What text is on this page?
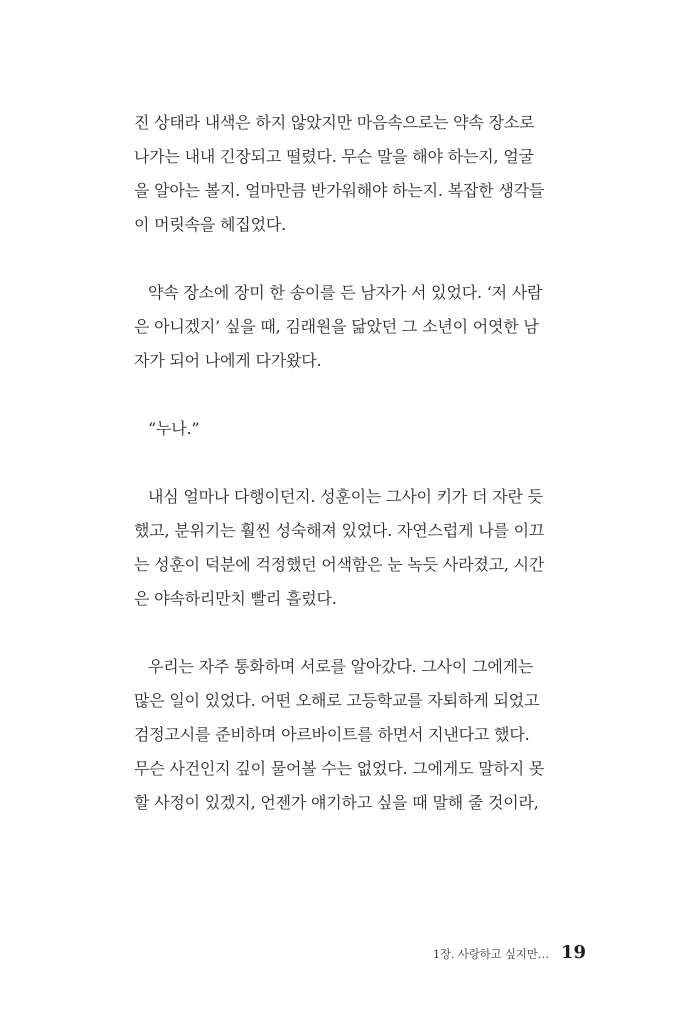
진 상태라 내색은 하지 않았지만 마음속으로는 약속 장소로
나가는 내내 긴장되고 떨렸다. 무슨 말을 해야 하는지, 얼굴
을 알아는 볼지. 얼마만큼 반가워해야 하는지. 복잡한 생각들
이 머릿속을 헤집었다.
약속 장소에 장미 한 송이를 든 남자가 서 있었다. ‘저 사람
은 아니겠지’ 싶을 때, 김래원을 닮았던 그 소년이 어엿한 남
자가 되어 나에게 다가왔다.
“누나.”
내심 얼마나 다행이던지. 성훈이는 그사이 키가 더 자란 듯
했고, 분위기는 훨씬 성숙해져 있었다. 자연스럽게 나를 이끄
는 성훈이 덕분에 걱정했던 어색함은 눈 녹듯 사라졌고, 시간
은 야속하리만치 빨리 흘렀다.
우리는 자주 통화하며 서로를 알아갔다. 그사이 그에게는
많은 일이 있었다. 어떤 오해로 고등학교를 자퇴하게 되었고
검정고시를 준비하며 아르바이트를 하면서 지낸다고 했다.
무슨 사건인지 깊이 물어볼 수는 없었다. 그에게도 말하지 못
할 사정이 있겠지, 언젠가 얘기하고 싶을 때 말해 줄 것이라,
1장. 사랑하고 싶지만… 19
